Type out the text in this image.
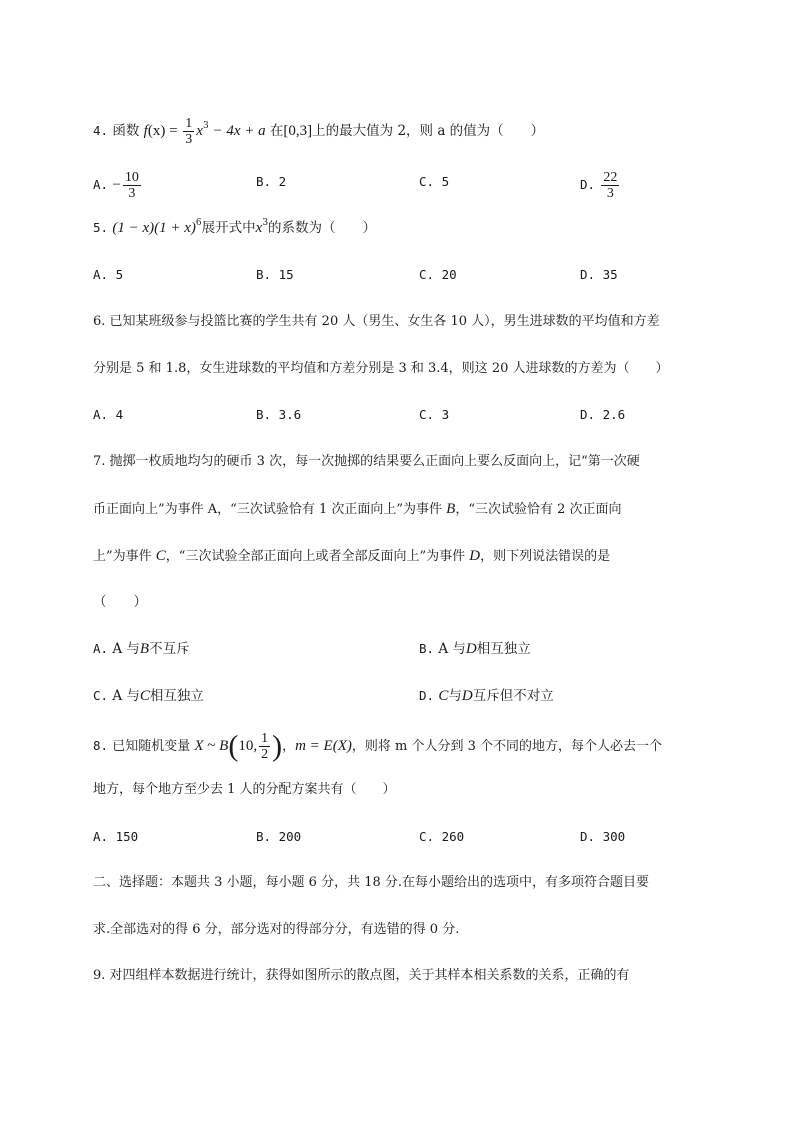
4. 函数 $f(x) = \frac{1}{3} x^3 - 4x + a$ 在[0,3]上的最大值为 2，则 a 的值为（　　）
A. − $\frac{10}{3}$	B. 2	C. 5	D. $\frac{22}{3}$
5. $(1 - x)(1 + x)^6$展开式中$x^3$的系数为（　　）
A. 5	B. 15	C. 20	D. 35
6. 已知某班级参与投篮比赛的学生共有 20 人（男生、女生各 10 人），男生进球数的平均值和方差
分别是 5 和 1.8，女生进球数的平均值和方差分别是 3 和 3.4，则这 20 人进球数的方差为（　　）
A. 4	B. 3.6	C. 3	D. 2.6
7. 抛掷一枚质地均匀的硬币 3 次，每一次抛掷的结果要么正面向上要么反面向上，记“第一次硬
币正面向上”为事件 A，“三次试验恰有 1 次正面向上”为事件 B，“三次试验恰有 2 次正面向
上”为事件 C，“三次试验全部正面向上或者全部反面向上”为事件 D，则下列说法错误的是
（　　）
A. A 与B不互斥	B. A 与D相互独立
C. A 与C相互独立	D. C与D互斥但不对立
8. 已知随机变量 X ~ B(10, $\frac{1}{2}$ )，m = E(X)，则将 m 个人分到 3 个不同的地方，每个人必去一个
地方，每个地方至少去 1 人的分配方案共有（　　）
A. 150	B. 200	C. 260	D. 300
二、选择题：本题共 3 小题，每小题 6 分，共 18 分.在每小题给出的选项中，有多项符合题目要
求.全部选对的得 6 分，部分选对的得部分分，有选错的得 0 分.
9. 对四组样本数据进行统计，获得如图所示的散点图，关于其样本相关系数的关系，正确的有
